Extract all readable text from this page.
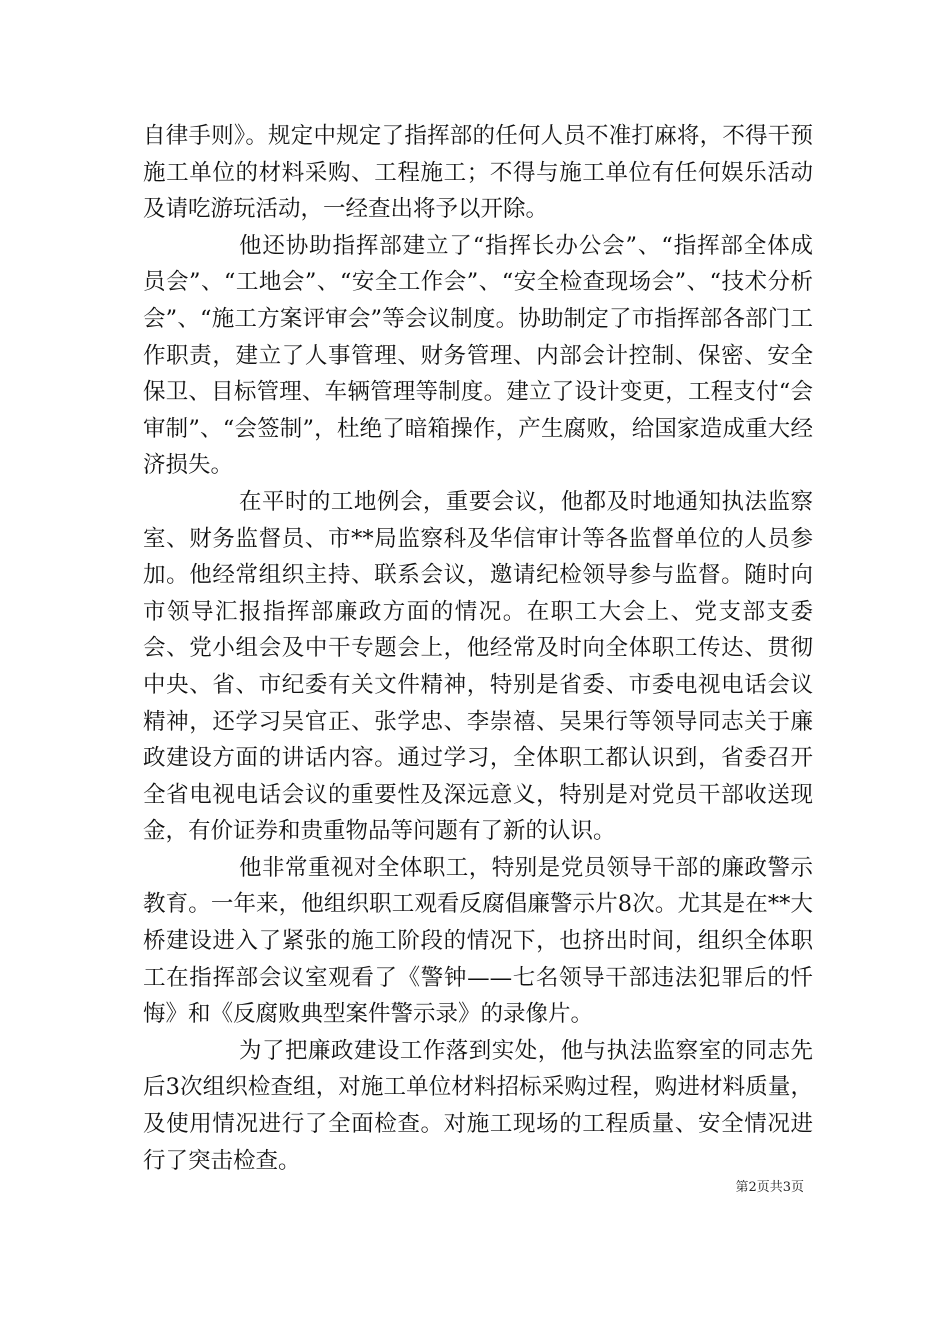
自律手则》。规定中规定了指挥部的任何人员不准打麻将，不得干预施工单位的材料采购、工程施工；不得与施工单位有任何娱乐活动及请吃游玩活动，一经查出将予以开除。

他还协助指挥部建立了“指挥长办公会”、“指挥部全体成员会”、“工地会”、“安全工作会”、“安全检查现场会”、“技术分析会”、“施工方案评审会”等会议制度。协助制定了市指挥部各部门工作职责，建立了人事管理、财务管理、内部会计控制、保密、安全保卫、目标管理、车辆管理等制度。建立了设计变更，工程支付“会审制”、“会签制”，杜绝了暗箱操作，产生腐败，给国家造成重大经济损失。

在平时的工地例会，重要会议，他都及时地通知执法监察室、财务监督员、市**局监察科及华信审计等各监督单位的人员参加。他经常组织主持、联系会议，邀请纪检领导参与监督。随时向市领导汇报指挥部廉政方面的情况。在职工大会上、党支部支委会、党小组会及中干专题会上，他经常及时向全体职工传达、贯彻中央、省、市纪委有关文件精神，特别是省委、市委电视电话会议精神，还学习吴官正、张学忠、李崇禧、吴果行等领导同志关于廉政建设方面的讲话内容。通过学习，全体职工都认识到，省委召开全省电视电话会议的重要性及深远意义，特别是对党员干部收送现金，有价证券和贵重物品等问题有了新的认识。

他非常重视对全体职工，特别是党员领导干部的廉政警示教育。一年来，他组织职工观看反腐倡廉警示片8次。尤其是在**大桥建设进入了紧张的施工阶段的情况下，也挤出时间，组织全体职工在指挥部会议室观看了《警钟——七名领导干部违法犯罪后的忏悔》和《反腐败典型案件警示录》的录像片。

为了把廉政建设工作落到实处，他与执法监察室的同志先后3次组织检查组，对施工单位材料招标采购过程，购进材料质量，及使用情况进行了全面检查。对施工现场的工程质量、安全情况进行了突击检查。

第2页共3页
